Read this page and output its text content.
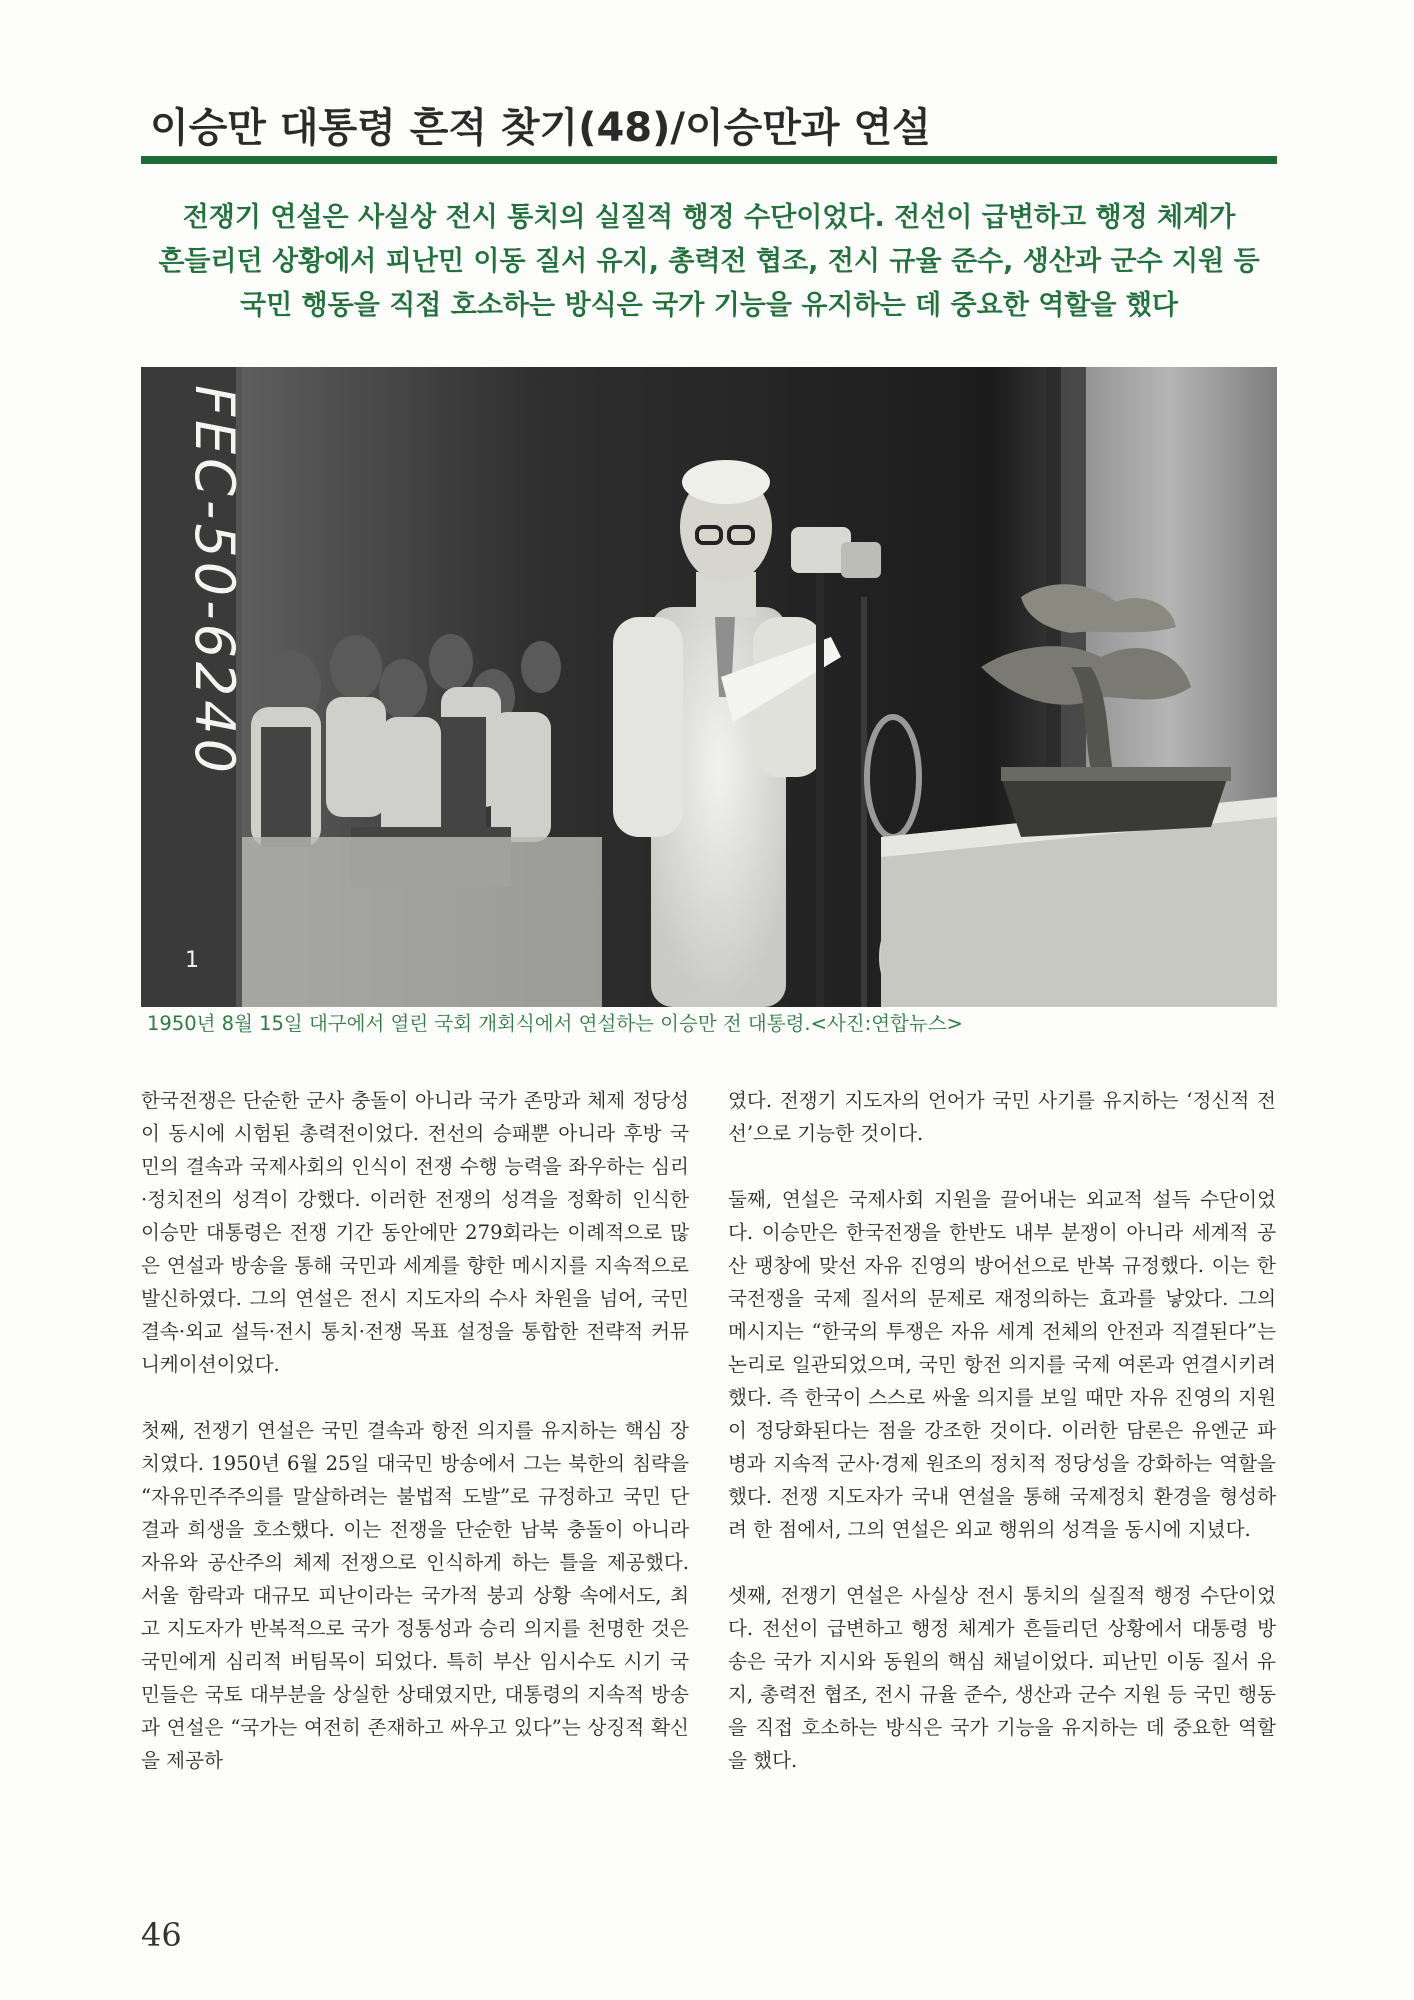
이승만 대통령 흔적 찾기(48)/이승만과 연설
전쟁기 연설은 사실상 전시 통치의 실질적 행정 수단이었다. 전선이 급변하고 행정 체계가
흔들리던 상황에서 피난민 이동 질서 유지, 총력전 협조, 전시 규율 준수, 생산과 군수 지원 등
국민 행동을 직접 호소하는 방식은 국가 기능을 유지하는 데 중요한 역할을 했다
FEC-50-6240
1

1950년 8월 15일 대구에서 열린 국회 개회식에서 연설하는 이승만 전 대통령.<사진:연합뉴스>

한국전쟁은 단순한 군사 충돌이 아니라 국가 존망과 체제 정당성이 동시에 시험된 총력전이었다. 전선의 승패뿐 아니라 후방 국민의 결속과 국제사회의 인식이 전쟁 수행 능력을 좌우하는 심리·정치전의 성격이 강했다. 이러한 전쟁의 성격을 정확히 인식한 이승만 대통령은 전쟁 기간 동안에만 279회라는 이례적으로 많은 연설과 방송을 통해 국민과 세계를 향한 메시지를 지속적으로 발신하였다. 그의 연설은 전시 지도자의 수사 차원을 넘어, 국민 결속·외교 설득·전시 통치·전쟁 목표 설정을 통합한 전략적 커뮤니케이션이었다.

첫째, 전쟁기 연설은 국민 결속과 항전 의지를 유지하는 핵심 장치였다. 1950년 6월 25일 대국민 방송에서 그는 북한의 침략을 “자유민주주의를 말살하려는 불법적 도발”로 규정하고 국민 단결과 희생을 호소했다. 이는 전쟁을 단순한 남북 충돌이 아니라 자유와 공산주의 체제 전쟁으로 인식하게 하는 틀을 제공했다. 서울 함락과 대규모 피난이라는 국가적 붕괴 상황 속에서도, 최고 지도자가 반복적으로 국가 정통성과 승리 의지를 천명한 것은 국민에게 심리적 버팀목이 되었다. 특히 부산 임시수도 시기 국민들은 국토 대부분을 상실한 상태였지만, 대통령의 지속적 방송과 연설은 “국가는 여전히 존재하고 싸우고 있다”는 상징적 확신을 제공하

였다. 전쟁기 지도자의 언어가 국민 사기를 유지하는 ‘정신적 전선’으로 기능한 것이다.

둘째, 연설은 국제사회 지원을 끌어내는 외교적 설득 수단이었다. 이승만은 한국전쟁을 한반도 내부 분쟁이 아니라 세계적 공산 팽창에 맞선 자유 진영의 방어선으로 반복 규정했다. 이는 한국전쟁을 국제 질서의 문제로 재정의하는 효과를 낳았다. 그의 메시지는 “한국의 투쟁은 자유 세계 전체의 안전과 직결된다”는 논리로 일관되었으며, 국민 항전 의지를 국제 여론과 연결시키려 했다. 즉 한국이 스스로 싸울 의지를 보일 때만 자유 진영의 지원이 정당화된다는 점을 강조한 것이다. 이러한 담론은 유엔군 파병과 지속적 군사·경제 원조의 정치적 정당성을 강화하는 역할을 했다. 전쟁 지도자가 국내 연설을 통해 국제정치 환경을 형성하려 한 점에서, 그의 연설은 외교 행위의 성격을 동시에 지녔다.

셋째, 전쟁기 연설은 사실상 전시 통치의 실질적 행정 수단이었다. 전선이 급변하고 행정 체계가 흔들리던 상황에서 대통령 방송은 국가 지시와 동원의 핵심 채널이었다. 피난민 이동 질서 유지, 총력전 협조, 전시 규율 준수, 생산과 군수 지원 등 국민 행동을 직접 호소하는 방식은 국가 기능을 유지하는 데 중요한 역할을 했다.

46
